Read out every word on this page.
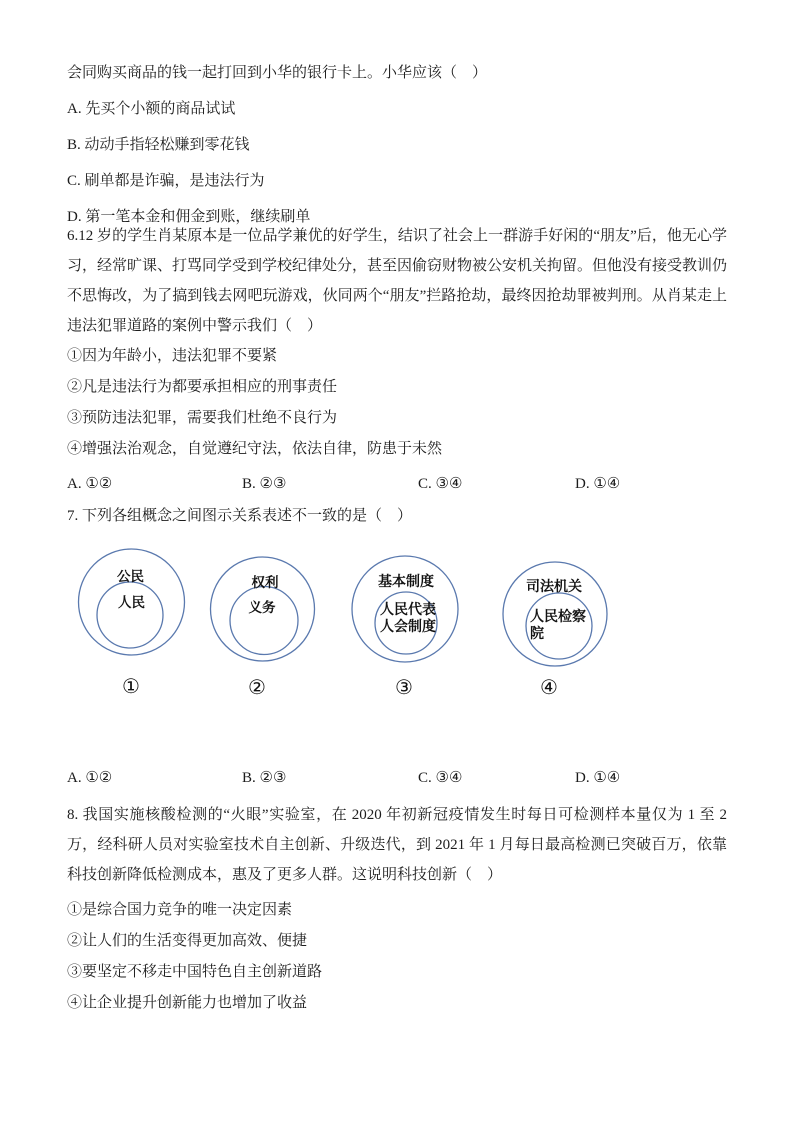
会同购买商品的钱一起打回到小华的银行卡上。小华应该（　）

A. 先买个小额的商品试试

B. 动动手指轻松赚到零花钱

C. 刷单都是诈骗，是违法行为

D. 第一笔本金和佣金到账，继续刷单

6.12 岁的学生肖某原本是一位品学兼优的好学生，结识了社会上一群游手好闲的“朋友”后，他无心学习，经常旷课、打骂同学受到学校纪律处分，甚至因偷窃财物被公安机关拘留。但他没有接受教训仍不思悔改，为了搞到钱去网吧玩游戏，伙同两个“朋友”拦路抢劫，最终因抢劫罪被判刑。从肖某走上违法犯罪道路的案例中警示我们（　）

①因为年龄小，违法犯罪不要紧

②凡是违法行为都要承担相应的刑事责任

③预防违法犯罪，需要我们杜绝不良行为

④增强法治观念，自觉遵纪守法，依法自律，防患于未然

A. ①②	B. ②③	C. ③④	D. ①④

7. 下列各组概念之间图示关系表述不一致的是（　）

公民
人民
①
权利
义务
②
基本制度
人民代表
人会制度
③
司法机关
人民检察
院
④
A. ①②	B. ②③	C. ③④	D. ①④

8. 我国实施核酸检测的“火眼”实验室，在 2020 年初新冠疫情发生时每日可检测样本量仅为 1 至 2 万，经科研人员对实验室技术自主创新、升级迭代，到 2021 年 1 月每日最高检测已突破百万，依靠科技创新降低检测成本，惠及了更多人群。这说明科技创新（　）

①是综合国力竞争的唯一决定因素

②让人们的生活变得更加高效、便捷

③要坚定不移走中国特色自主创新道路

④让企业提升创新能力也增加了收益
